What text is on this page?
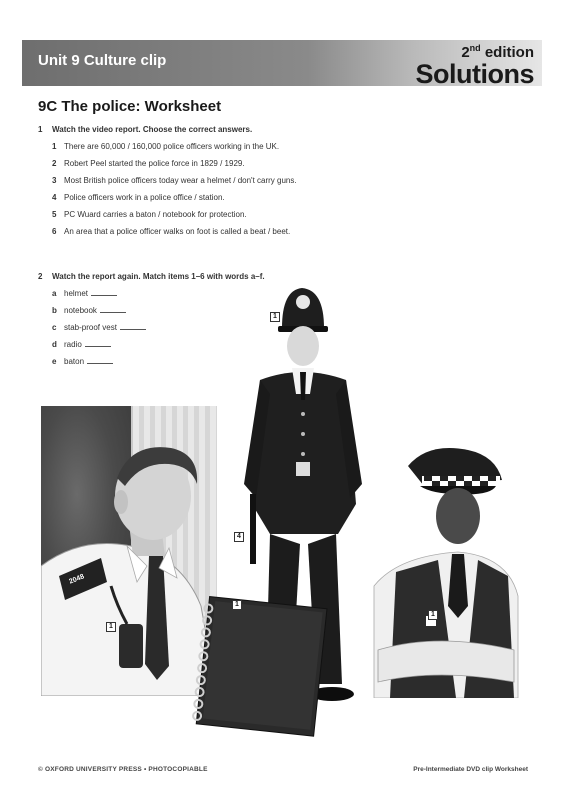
Unit 9 Culture clip	2nd edition
Solutions
9C The police: Worksheet
1 Watch the video report. Choose the correct answers.
1 There are 60,000 / 160,000 police officers working in the UK.
2 Robert Peel started the police force in 1829 / 1929.
3 Most British police officers today wear a helmet / don't carry guns.
4 Police officers work in a police office / station.
5 PC Wuard carries a baton / notebook for protection.
6 An area that a police officer walks on foot is called a beat / beet.
2 Watch the report again. Match items 1–6 with words a–f.
a helmet
b notebook
c stab-proof vest
d radio
e baton
2048
1
4
1
1
1
© OXFORD UNIVERSITY PRESS • PHOTOCOPIABLE	Pre-Intermediate DVD clip Worksheet
